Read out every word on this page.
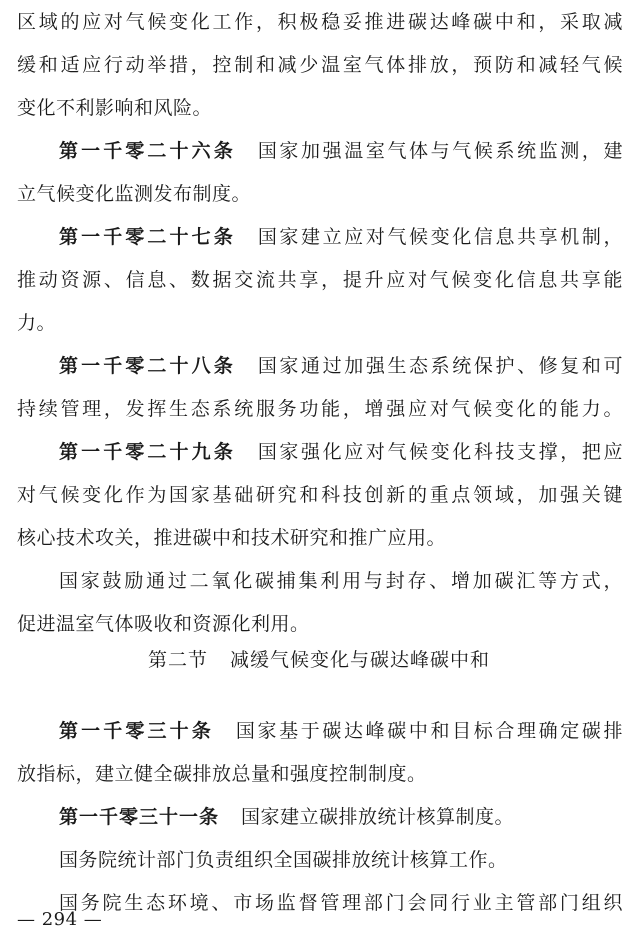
区域的应对气候变化工作，积极稳妥推进碳达峰碳中和，采取减
缓和适应行动举措，控制和减少温室气体排放，预防和减轻气候
变化不利影响和风险。
第一千零二十六条 国家加强温室气体与气候系统监测，建
立气候变化监测发布制度。
第一千零二十七条 国家建立应对气候变化信息共享机制，
推动资源、信息、数据交流共享，提升应对气候变化信息共享能
力。
第一千零二十八条 国家通过加强生态系统保护、修复和可
持续管理，发挥生态系统服务功能，增强应对气候变化的能力。
第一千零二十九条 国家强化应对气候变化科技支撑，把应
对气候变化作为国家基础研究和科技创新的重点领域，加强关键
核心技术攻关，推进碳中和技术研究和推广应用。
国家鼓励通过二氧化碳捕集利用与封存、增加碳汇等方式，
促进温室气体吸收和资源化利用。
第二节 减缓气候变化与碳达峰碳中和
第一千零三十条 国家基于碳达峰碳中和目标合理确定碳排
放指标，建立健全碳排放总量和强度控制制度。
第一千零三十一条 国家建立碳排放统计核算制度。
国务院统计部门负责组织全国碳排放统计核算工作。
国务院生态环境、市场监督管理部门会同行业主管部门组织
— 294 —
